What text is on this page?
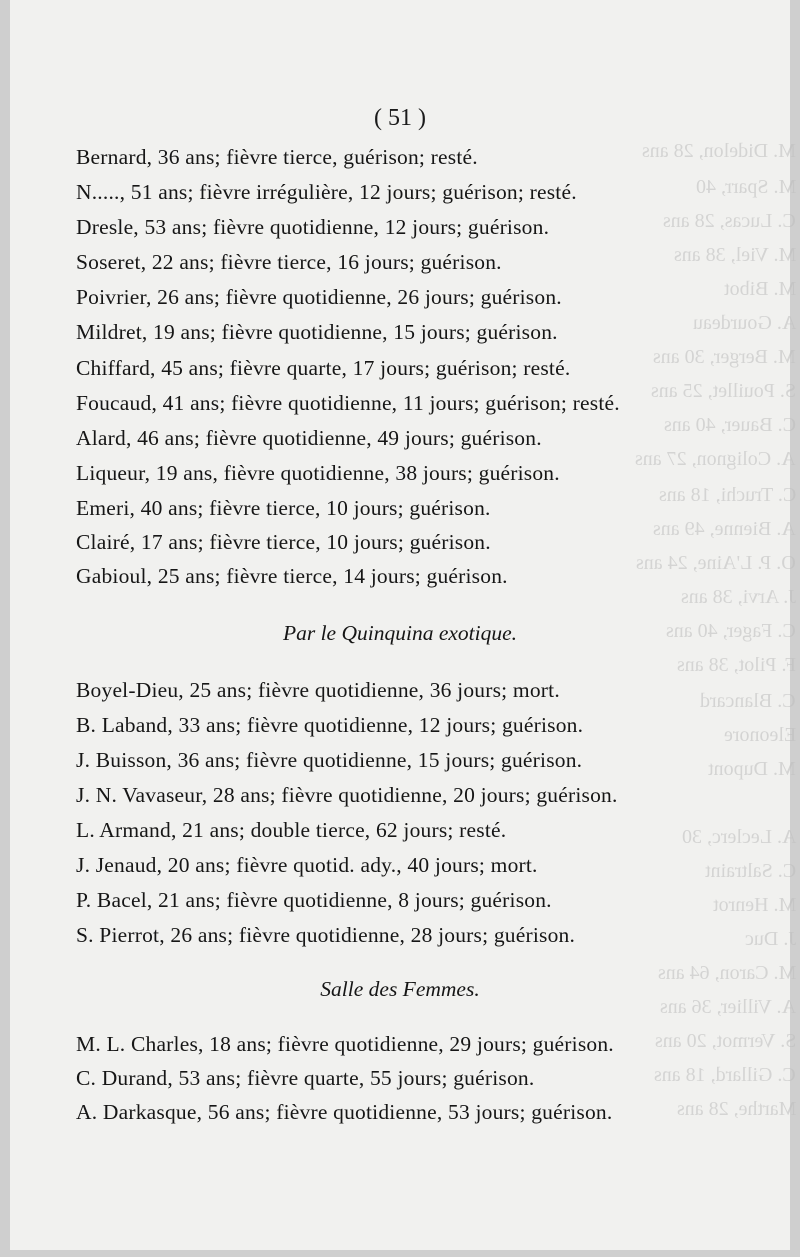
M. Didelon, 28 ans
M. Sparr, 40
C. Lucas, 28 ans
M. Viel, 38 ans
M. Bibot
A. Gourdeau
M. Berger, 30 ans
S. Pouillet, 25 ans
C. Bauer, 40 ans
A. Colignon, 27 ans
C. Truchi, 18 ans
A. Bienne, 49 ans
O. P. L'Aine, 24 ans
J. Arvi, 38 ans
C. Fager, 40 ans
F. Pilot, 38 ans
C. Blancard
Eleonore
M. Dupont
A. Leclerc, 30
C. Saltraint
M. Henrot
J. Duc
M. Caron, 64 ans
A. Villier, 36 ans
S. Vermot, 20 ans
C. Gillard, 18 ans
Marthe, 28 ans
( 51 )
Bernard, 36 ans; fièvre tierce, guérison; resté.
N....., 51 ans; fièvre irrégulière, 12 jours; guérison; resté.
Dresle, 53 ans; fièvre quotidienne, 12 jours; guérison.
Soseret, 22 ans; fièvre tierce, 16 jours; guérison.
Poivrier, 26 ans; fièvre quotidienne, 26 jours; guérison.
Mildret, 19 ans; fièvre quotidienne, 15 jours; guérison.
Chiffard, 45 ans; fièvre quarte, 17 jours; guérison; resté.
Foucaud, 41 ans; fièvre quotidienne, 11 jours; guérison; resté.
Alard, 46 ans; fièvre quotidienne, 49 jours; guérison.
Liqueur, 19 ans, fièvre quotidienne, 38 jours; guérison.
Emeri, 40 ans; fièvre tierce, 10 jours; guérison.
Clairé, 17 ans; fièvre tierce, 10 jours; guérison.
Gabioul, 25 ans; fièvre tierce, 14 jours; guérison.
Par le Quinquina exotique.
Boyel-Dieu, 25 ans; fièvre quotidienne, 36 jours; mort.
B. Laband, 33 ans; fièvre quotidienne, 12 jours; guérison.
J. Buisson, 36 ans; fièvre quotidienne, 15 jours; guérison.
J. N. Vavaseur, 28 ans; fièvre quotidienne, 20 jours; guérison.
L. Armand, 21 ans; double tierce, 62 jours; resté.
J. Jenaud, 20 ans; fièvre quotid. ady., 40 jours; mort.
P. Bacel, 21 ans; fièvre quotidienne, 8 jours; guérison.
S. Pierrot, 26 ans; fièvre quotidienne, 28 jours; guérison.
Salle des Femmes.
M. L. Charles, 18 ans; fièvre quotidienne, 29 jours; guérison.
C. Durand, 53 ans; fièvre quarte, 55 jours; guérison.
A. Darkasque, 56 ans; fièvre quotidienne, 53 jours; guérison.
